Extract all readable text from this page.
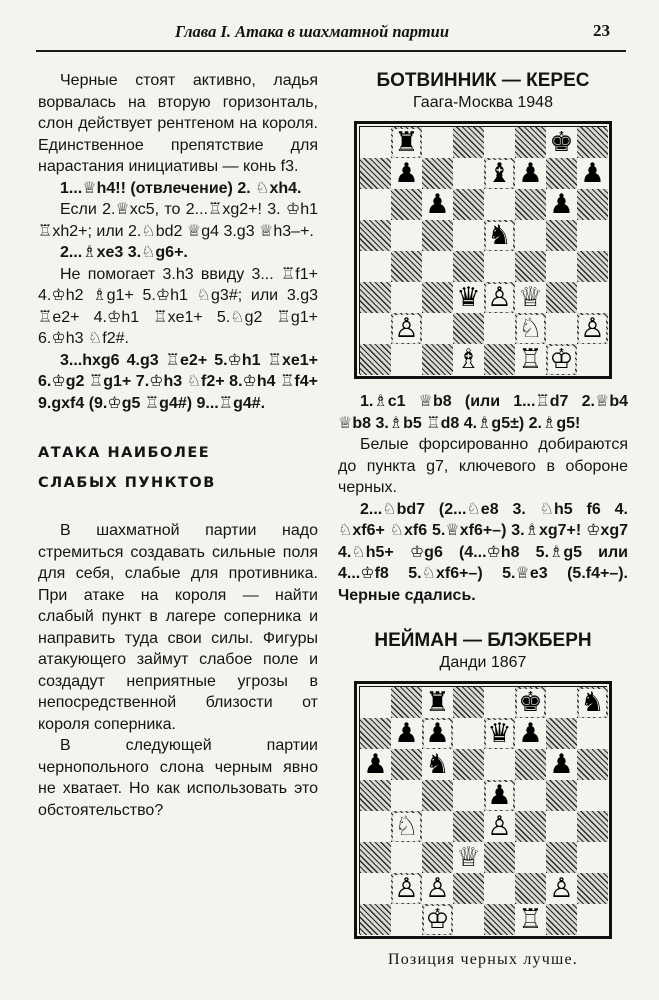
Глава I. Атака в шахматной партии	23
Черные стоят активно, ладья ворвалась на вторую горизонталь, слон действует рентгеном на короля. Единственное препятствие для нарастания инициативы — конь f3.
1...♕h4!! (отвлечение) 2. ♘xh4.
Если 2.♕xc5, то 2...♖xg2+! 3. ♔h1 ♖xh2+; или 2.♘bd2 ♕g4 3.g3 ♕h3–+.
2...♗xe3 3.♘g6+.
Не помогает 3.h3 ввиду 3... ♖f1+ 4.♔h2 ♗g1+ 5.♔h1 ♘g3#; или 3.g3 ♖e2+ 4.♔h1 ♖xe1+ 5.♘g2 ♖g1+ 6.♔h3 ♘f2#.
3...hxg6 4.g3 ♖e2+ 5.♔h1 ♖xe1+ 6.♔g2 ♖g1+ 7.♔h3 ♘f2+ 8.♔h4 ♖f4+ 9.gxf4 (9.♔g5 ♖g4#) 9...♖g4#.
АТАКА НАИБОЛЕЕ
СЛАБЫХ ПУНКТОВ
В шахматной партии надо стремиться создавать сильные поля для себя, слабые для противника. При атаке на короля — найти слабый пункт в лагере соперника и направить туда свои силы. Фигуры атакующего займут слабое поле и создадут неприятные угрозы в непосредственной близости от короля соперника.
В следующей партии чернопольного слона черным явно не хватает. Но как использовать это обстоятельство?
БОТВИННИК — КЕРЕС
Гаага-Москва 1948
♜	♚
♟	♝ ♟ ♟
♟	♟
♞
♛ ♙ ♕
♙	♘ ♙
♗ ♖ ♔
1.♗c1 ♕b8 (или 1...♖d7 2.♕b4 ♕b8 3.♗b5 ♖d8 4.♗g5±) 2.♗g5!
Белые форсированно добираются до пункта g7, ключевого в обороне черных.
2...♘bd7 (2...♘e8 3. ♘h5 f6 4. ♘xf6+ ♘xf6 5.♕xf6+–) 3.♗xg7+! ♔xg7 4.♘h5+ ♔g6 (4...♔h8 5.♗g5 или 4...♔f8 5.♘xf6+–) 5.♕e3 (5.f4+–). Черные сдались.
НЕЙМАН — БЛЭКБЕРН
Данди 1867
♜	♚ ♞
♟ ♟ ♛ ♟
♟ ♞	♟
♟
♘	♙
♕
♙ ♙	♙
♔	♖
Позиция черных лучше.
